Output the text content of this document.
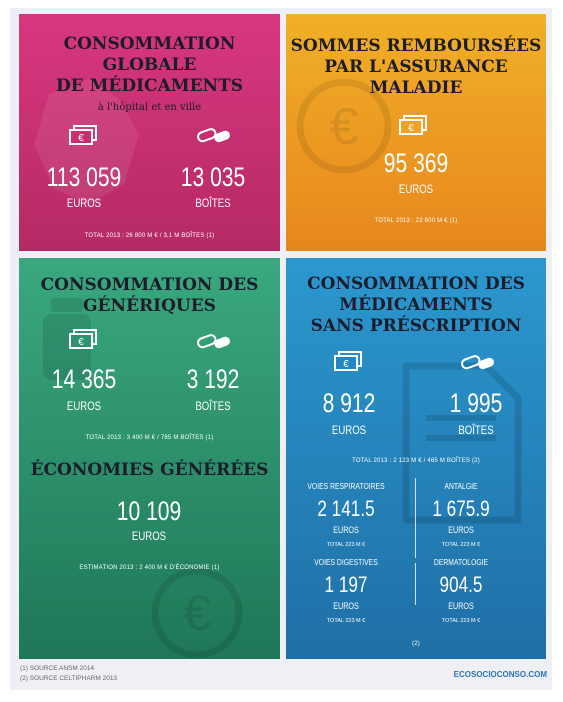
CONSOMMATION
GLOBALE
DE MÉDICAMENTS
à l'hôpital et en ville
€
113 059
EUROS
13 035
BOÎTES
TOTAL 2013 : 26 800 M € / 3,1 M BOÎTES (1)
€
SOMMES REMBOURSÉES
PAR L'ASSURANCE
MALADIE
€
95 369
EUROS
TOTAL 2013 : 22 600 M € (1)
€
CONSOMMATION DES
GÉNÉRIQUES
€
14 365
EUROS
3 192
BOÎTES
TOTAL 2013 : 3 400 M € / 785 M BOÎTES (1)
ÉCONOMIES GÉNÉRÉES
10 109
EUROS
ESTIMATION 2013 : 2 400 M € D'ÉCONOMIE (1)
CONSOMMATION DES
MÉDICAMENTS
SANS PRÉSCRIPTION
€
8 912
EUROS
1 995
BOÎTES
TOTAL 2013 : 2 123 M € / 465 M BOÎTES (2)
VOIES RESPIRATOIRES
2 141.5
EUROS
TOTAL 223 M €
ANTALGIE
1 675.9
EUROS
TOTAL 223 M €
VOIES DIGESTIVES
1 197
EUROS
TOTAL 223 M €
DERMATOLOGIE
904.5
EUROS
TOTAL 223 M €
(2)
(1) SOURCE ANSM 2014
(2) SOURCE CELTIPHARM 2013	ECOSOCIOCONSO.COM
